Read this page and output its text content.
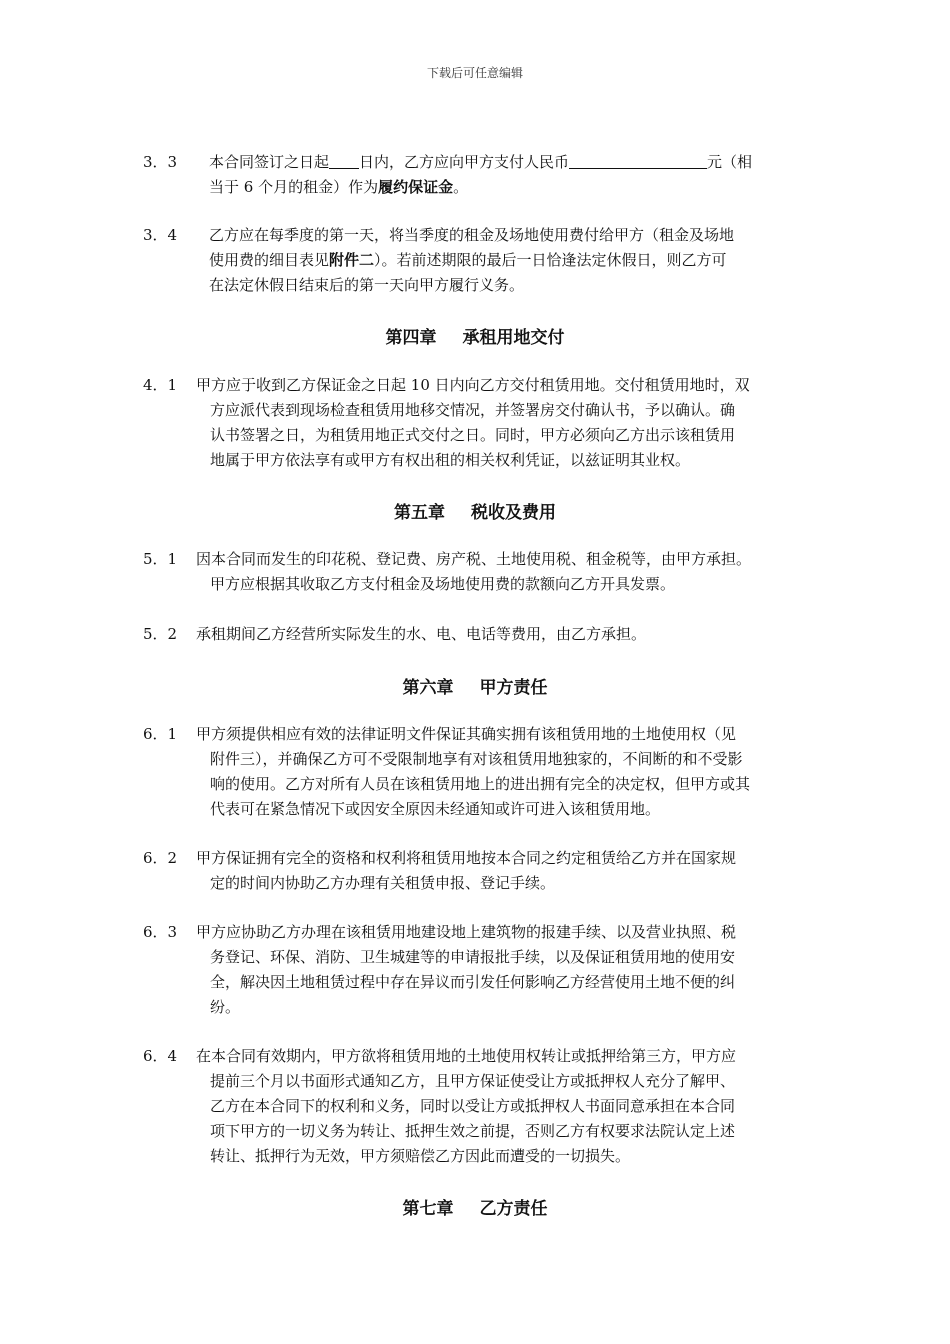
下载后可任意编辑
3．3 本合同签订之日起 日内，乙方应向甲方支付人民币	元（相
当于 6 个月的租金）作为履约保证金。
3．4 乙方应在每季度的第一天，将当季度的租金及场地使用费付给甲方（租金及场地
使用费的细目表见附件二）。若前述期限的最后一日恰逢法定休假日，则乙方可

在法定休假日结束后的第一天向甲方履行义务。
第四章 承租用地交付
4．1 甲方应于收到乙方保证金之日起 10 日内向乙方交付租赁用地。交付租赁用地时，双
方应派代表到现场检查租赁用地移交情况，并签署房交付确认书，予以确认。确
认书签署之日，为租赁用地正式交付之日。同时，甲方必须向乙方出示该租赁用
地属于甲方依法享有或甲方有权出租的相关权利凭证，以兹证明其业权。
第五章 税收及费用
5．1 因本合同而发生的印花税、登记费、房产税、土地使用税、租金税等，由甲方承担。
甲方应根据其收取乙方支付租金及场地使用费的款额向乙方开具发票。
5．2 承租期间乙方经营所实际发生的水、电、电话等费用，由乙方承担。
第六章 甲方责任
6．1 甲方须提供相应有效的法律证明文件保证其确实拥有该租赁用地的土地使用权（见
附件三），并确保乙方可不受限制地享有对该租赁用地独家的，不间断的和不受影
响的使用。乙方对所有人员在该租赁用地上的进出拥有完全的决定权，但甲方或其
代表可在紧急情况下或因安全原因未经通知或许可进入该租赁用地。
6．2 甲方保证拥有完全的资格和权利将租赁用地按本合同之约定租赁给乙方并在国家规
定的时间内协助乙方办理有关租赁申报、登记手续。
6．3 甲方应协助乙方办理在该租赁用地建设地上建筑物的报建手续、以及营业执照、税
务登记、环保、消防、卫生城建等的申请报批手续，以及保证租赁用地的使用安
全，解决因土地租赁过程中存在异议而引发任何影响乙方经营使用土地不便的纠
纷。
6．4 在本合同有效期内，甲方欲将租赁用地的土地使用权转让或抵押给第三方，甲方应
提前三个月以书面形式通知乙方，且甲方保证使受让方或抵押权人充分了解甲、
乙方在本合同下的权利和义务，同时以受让方或抵押权人书面同意承担在本合同
项下甲方的一切义务为转让、抵押生效之前提，否则乙方有权要求法院认定上述
转让、抵押行为无效，甲方须赔偿乙方因此而遭受的一切损失。
第七章 乙方责任
